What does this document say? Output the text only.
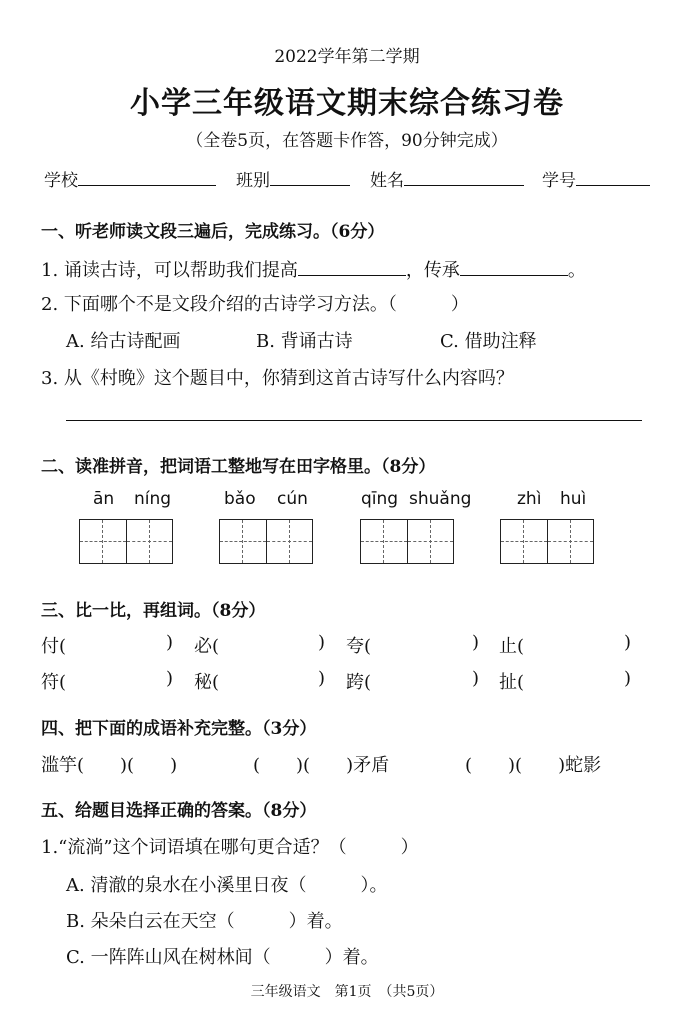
2022学年第二学期
小学三年级语文期末综合练习卷
（全卷5页，在答题卡作答，90分钟完成）
学校	班别	姓名	学号
一、听老师读文段三遍后，完成练习。（6分）
1. 诵读古诗，可以帮助我们提高	，传承	。
2. 下面哪个不是文段介绍的古诗学习方法。（　　　）
A. 给古诗配画	B. 背诵古诗	C. 借助注释
3. 从《村晚》这个题目中，你猜到这首古诗写什么内容吗？
二、读准拼音，把词语工整地写在田字格里。（8分）
ān níng	bǎo cún	qīng shuǎng	zhì huì
三、比一比，再组词。（8分）
付(	) 必(	) 夸(	) 止(	)
符(	) 秘(	) 跨(	) 扯(	)
四、把下面的成语补充完整。（3分）
滥竽(　　)(　　)	(　　)(　　)矛盾	(　　)(　　)蛇影
五、给题目选择正确的答案。（8分）
1.“流淌”这个词语填在哪句更合适？（　　　）
A. 清澈的泉水在小溪里日夜（　　　）。
B. 朵朵白云在天空（　　　）着。
C. 一阵阵山风在树林间（　　　）着。
三年级语文　第1页　（共5页）
